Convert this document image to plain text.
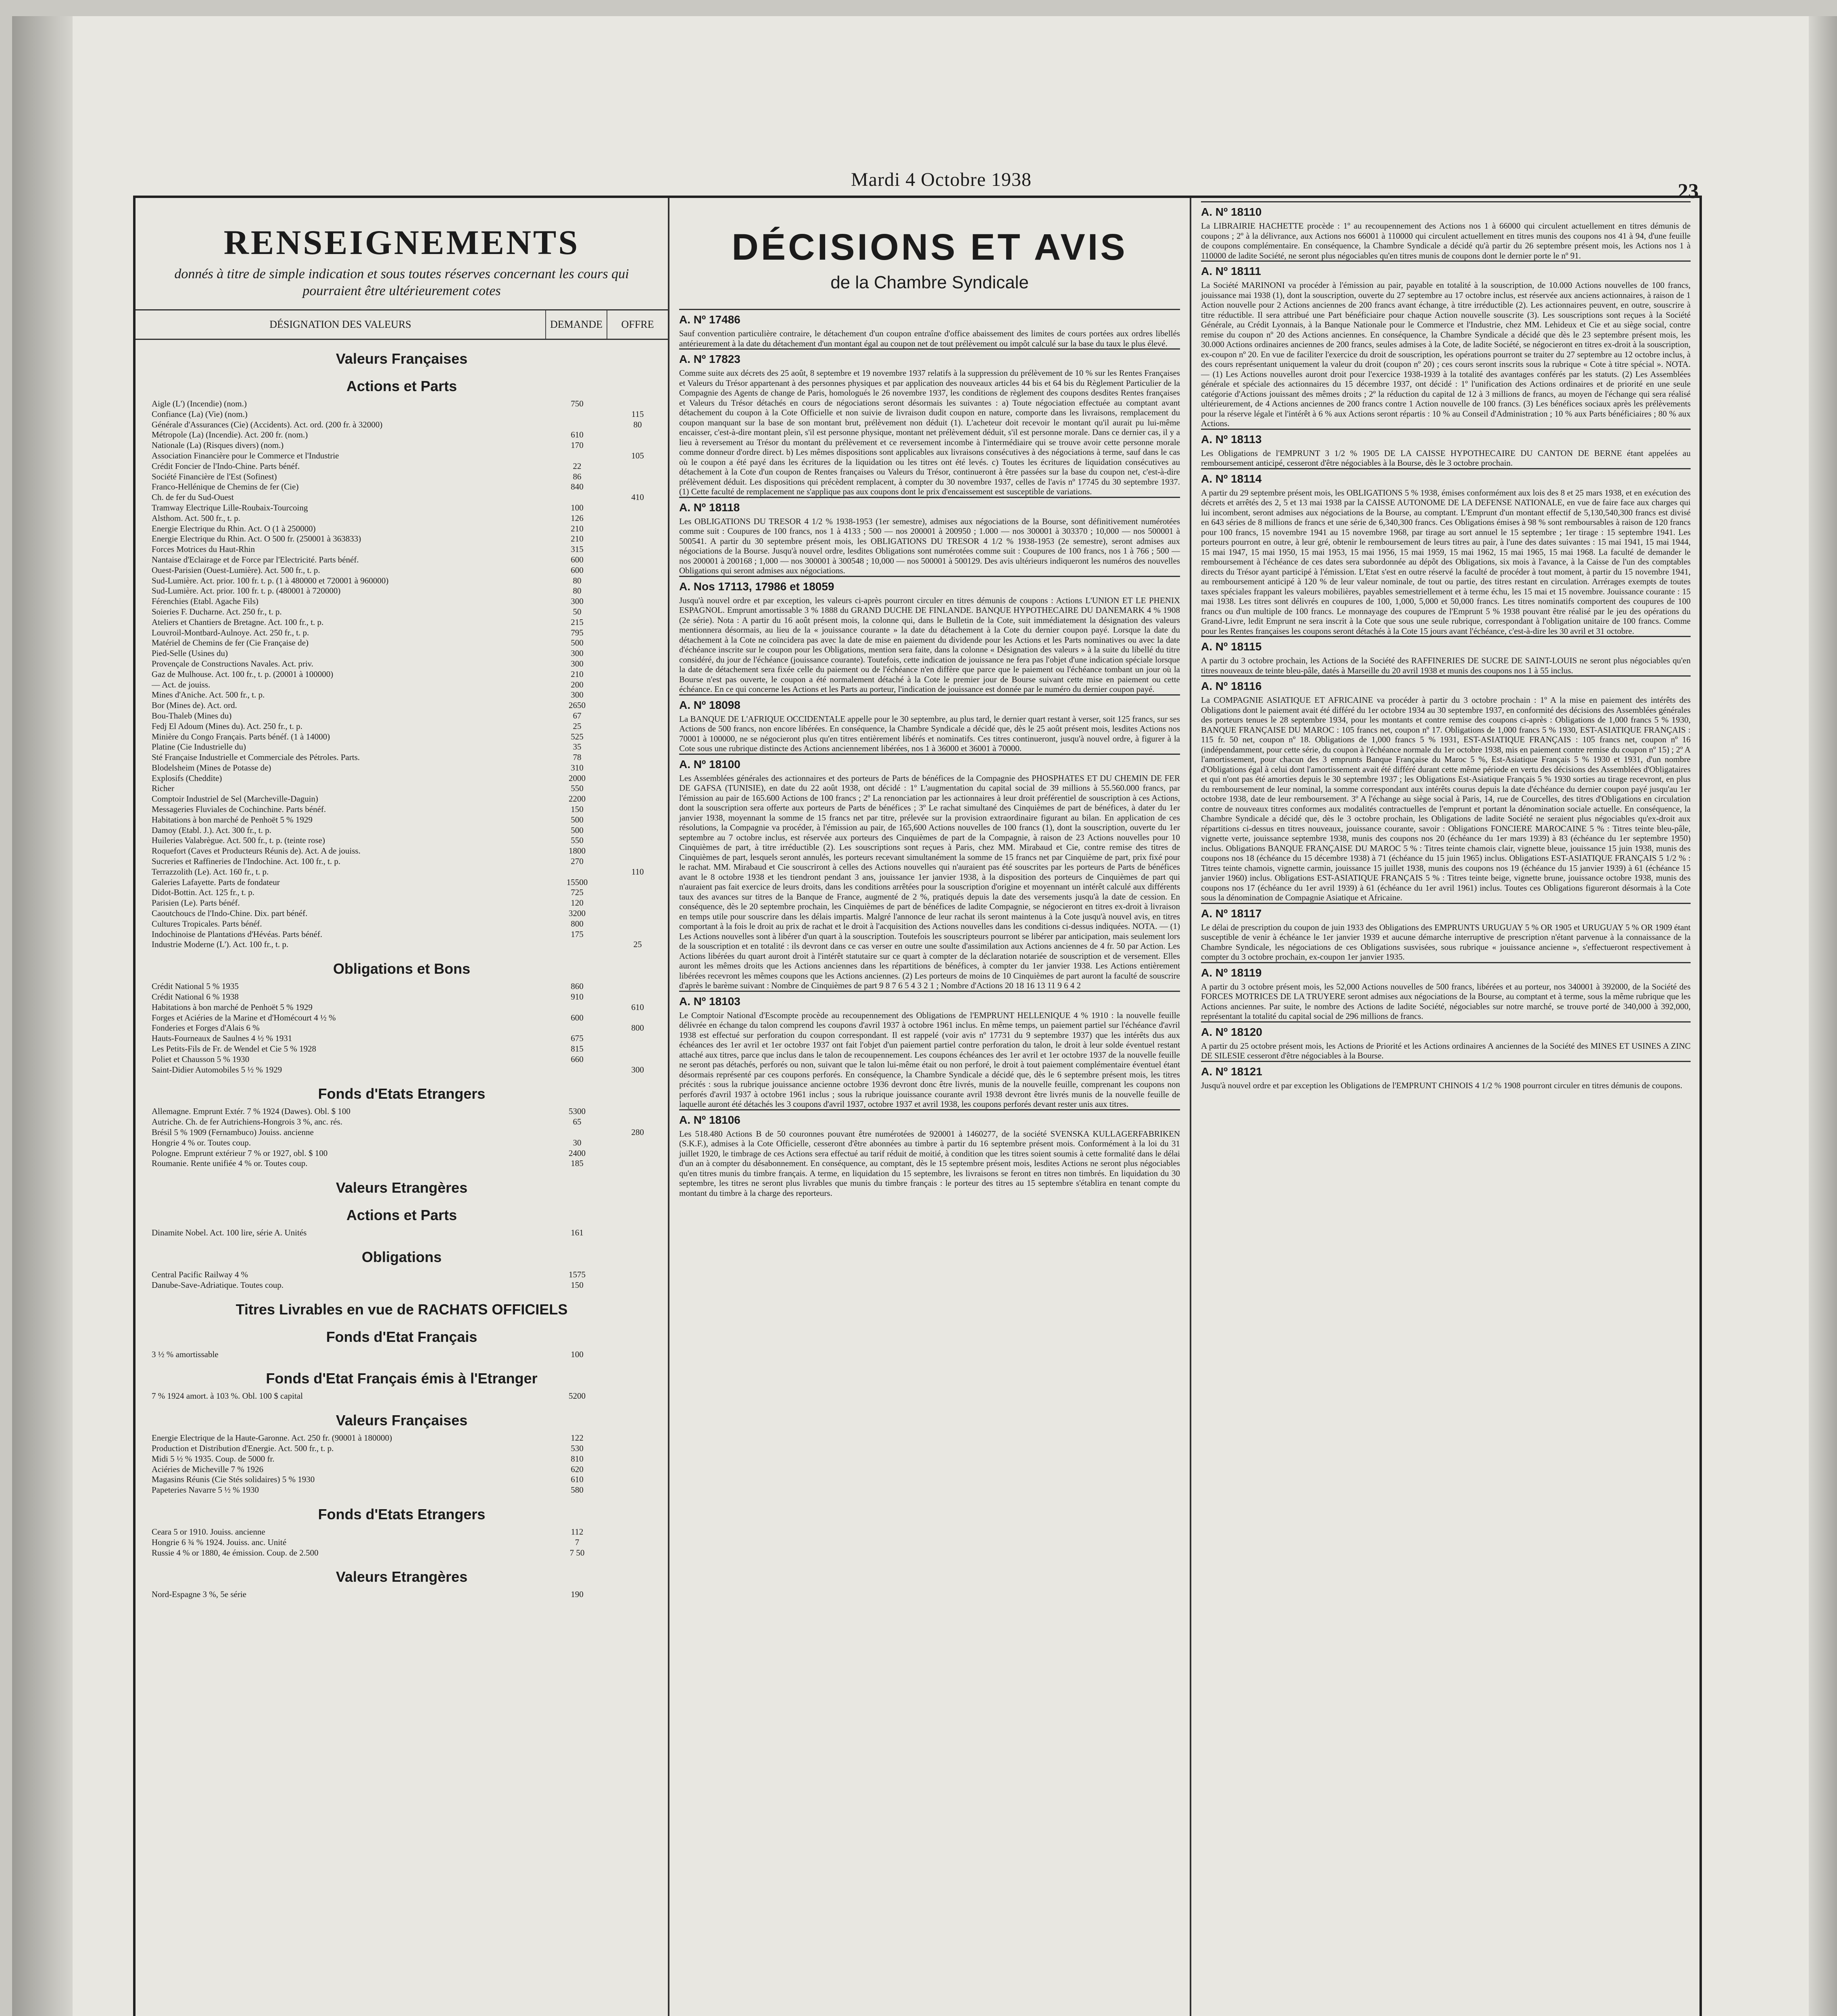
Mardi 4 Octobre 1938
23
RENSEIGNEMENTS
donnés à titre de simple indication et sous toutes réserves concernant les cours qui pourraient être ultérieurement cotes
DÉSIGNATION DES VALEURS	DEMANDE	OFFRE
Valeurs Françaises
Actions et Parts
Aigle (L') (Incendie) (nom.)	750
Confiance (La) (Vie) (nom.)	115
Générale d'Assurances (Cie) (Accidents). Act. ord. (200 fr. à 32000)	80
Métropole (La) (Incendie). Act. 200 fr. (nom.)	610
Nationale (La) (Risques divers) (nom.)	170
Association Financière pour le Commerce et l'Industrie	105
Crédit Foncier de l'Indo-Chine. Parts bénéf.	22
Société Financière de l'Est (Sofinest)	86
Franco-Hellénique de Chemins de fer (Cie)	840
Ch. de fer du Sud-Ouest	410
Tramway Electrique Lille-Roubaix-Tourcoing	100
Alsthom. Act. 500 fr., t. p.	126
Energie Electrique du Rhin. Act. O (1 à 250000)	210
Energie Electrique du Rhin. Act. O 500 fr. (250001 à 363833)	210
Forces Motrices du Haut-Rhin	315
Nantaise d'Eclairage et de Force par l'Electricité. Parts bénéf.	600
Ouest-Parisien (Ouest-Lumière). Act. 500 fr., t. p.	600
Sud-Lumière. Act. prior. 100 fr. t. p. (1 à 480000 et 720001 à 960000)	80
Sud-Lumière. Act. prior. 100 fr. t. p. (480001 à 720000)	80
Férenchies (Etabl. Agache Fils)	300
Soieries F. Ducharne. Act. 250 fr., t. p.	50
Ateliers et Chantiers de Bretagne. Act. 100 fr., t. p.	215
Louvroil-Montbard-Aulnoye. Act. 250 fr., t. p.	795
Matériel de Chemins de fer (Cie Française de)	500
Pied-Selle (Usines du)	300
Provençale de Constructions Navales. Act. priv.	300
Gaz de Mulhouse. Act. 100 fr., t. p. (20001 à 100000)	210
— Act. de jouiss.	200
Mines d'Aniche. Act. 500 fr., t. p.	300
Bor (Mines de). Act. ord.	2650
Bou-Thaleb (Mines du)	67
Fedj El Adoum (Mines du). Act. 250 fr., t. p.	25
Minière du Congo Français. Parts bénéf. (1 à 14000)	525
Platine (Cie Industrielle du)	35
Sté Française Industrielle et Commerciale des Pétroles. Parts.	78
Blodelsheim (Mines de Potasse de)	310
Explosifs (Cheddite)	2000
Richer	550
Comptoir Industriel de Sel (Marcheville-Daguin)	2200
Messageries Fluviales de Cochinchine. Parts bénéf.	150
Habitations à bon marché de Penhoët 5 % 1929	500
Damoy (Etabl. J.). Act. 300 fr., t. p.	500
Huileries Valabrègue. Act. 500 fr., t. p. (teinte rose)	550
Roquefort (Caves et Producteurs Réunis de). Act. A de jouiss.	1800
Sucreries et Raffineries de l'Indochine. Act. 100 fr., t. p.	270
Terrazzolith (Le). Act. 160 fr., t. p.	110
Galeries Lafayette. Parts de fondateur	15500
Didot-Bottin. Act. 125 fr., t. p.	725
Parisien (Le). Parts bénéf.	120
Caoutchoucs de l'Indo-Chine. Dix. part bénéf.	3200
Cultures Tropicales. Parts bénéf.	800
Indochinoise de Plantations d'Hévéas. Parts bénéf.	175
Industrie Moderne (L'). Act. 100 fr., t. p.	25
Obligations et Bons
Crédit National 5 % 1935	860
Crédit National 6 % 1938	910
Habitations à bon marché de Penhoët 5 % 1929	610
Forges et Aciéries de la Marine et d'Homécourt 4 ½ %	600
Fonderies et Forges d'Alais 6 %	800
Hauts-Fourneaux de Saulnes 4 ½ % 1931	675
Les Petits-Fils de Fr. de Wendel et Cie 5 % 1928	815
Poliet et Chausson 5 % 1930	660
Saint-Didier Automobiles 5 ½ % 1929	300
Fonds d'Etats Etrangers
Allemagne. Emprunt Extér. 7 % 1924 (Dawes). Obl. $ 100	5300
Autriche. Ch. de fer Autrichiens-Hongrois 3 %, anc. rés.	65
Brésil 5 % 1909 (Fernambuco) Jouiss. ancienne	280
Hongrie 4 % or. Toutes coup.	30
Pologne. Emprunt extérieur 7 % or 1927, obl. $ 100	2400
Roumanie. Rente unifiée 4 % or. Toutes coup.	185
Valeurs Etrangères
Actions et Parts
Dinamite Nobel. Act. 100 lire, série A. Unités	161
Obligations
Central Pacific Railway 4 %	1575
Danube-Save-Adriatique. Toutes coup.	150
Titres Livrables en vue de RACHATS OFFICIELS
Fonds d'Etat Français
3 ½ % amortissable	100
Fonds d'Etat Français émis à l'Etranger
7 % 1924 amort. à 103 %. Obl. 100 $ capital	5200
Valeurs Françaises
Energie Electrique de la Haute-Garonne. Act. 250 fr. (90001 à 180000)	122
Production et Distribution d'Energie. Act. 500 fr., t. p.	530
Midi 5 ½ % 1935. Coup. de 5000 fr.	810
Aciéries de Micheville 7 % 1926	620
Magasins Réunis (Cie Stés solidaires) 5 % 1930	610
Papeteries Navarre 5 ½ % 1930	580
Fonds d'Etats Etrangers
Ceara 5 or 1910. Jouiss. ancienne	112
Hongrie 6 ¾ % 1924. Jouiss. anc. Unité	7
Russie 4 % or 1880, 4e émission. Coup. de 2.500	7 50
Valeurs Etrangères
Nord-Espagne 3 %, 5e série	190
DÉCISIONS ET AVIS
de la Chambre Syndicale
A. Nº 17486
Sauf convention particulière contraire, le détachement d'un coupon entraîne d'office abaissement des limites de cours portées aux ordres libellés antérieurement à la date du détachement d'un montant égal au coupon net de tout prélèvement ou impôt calculé sur la base du taux le plus élevé.
A. Nº 17823
Comme suite aux décrets des 25 août, 8 septembre et 19 novembre 1937 relatifs à la suppression du prélèvement de 10 % sur les Rentes Françaises et Valeurs du Trésor appartenant à des personnes physiques et par application des nouveaux articles 44 bis et 64 bis du Règlement Particulier de la Compagnie des Agents de change de Paris, homologués le 26 novembre 1937, les conditions de règlement des coupons desdites Rentes françaises et Valeurs du Trésor détachés en cours de négociations seront désormais les suivantes : a) Toute négociation effectuée au comptant avant détachement du coupon à la Cote Officielle et non suivie de livraison dudit coupon en nature, comporte dans les livraisons, remplacement du coupon manquant sur la base de son montant brut, prélèvement non déduit (1). L'acheteur doit recevoir le montant qu'il aurait pu lui-même encaisser, c'est-à-dire montant plein, s'il est personne physique, montant net prélèvement déduit, s'il est personne morale. Dans ce dernier cas, il y a lieu à reversement au Trésor du montant du prélèvement et ce reversement incombe à l'intermédiaire qui se trouve avoir cette personne morale comme donneur d'ordre direct. b) Les mêmes dispositions sont applicables aux livraisons consécutives à des négociations à terme, sauf dans le cas où le coupon a été payé dans les écritures de la liquidation ou les titres ont été levés. c) Toutes les écritures de liquidation consécutives au détachement à la Cote d'un coupon de Rentes françaises ou Valeurs du Trésor, continueront à être passées sur la base du coupon net, c'est-à-dire prélèvement déduit. Les dispositions qui précèdent remplacent, à compter du 30 novembre 1937, celles de l'avis nº 17745 du 30 septembre 1937. (1) Cette faculté de remplacement ne s'applique pas aux coupons dont le prix d'encaissement est susceptible de variations.
A. Nº 18118
Les OBLIGATIONS DU TRESOR 4 1/2 % 1938-1953 (1er semestre), admises aux négociations de la Bourse, sont définitivement numérotées comme suit : Coupures de 100 francs, nos 1 à 4133 ; 500 — nos 200001 à 200950 ; 1.000 — nos 300001 à 303370 ; 10,000 — nos 500001 à 500541. A partir du 30 septembre présent mois, les OBLIGATIONS DU TRESOR 4 1/2 % 1938-1953 (2e semestre), seront admises aux négociations de la Bourse. Jusqu'à nouvel ordre, lesdites Obligations sont numérotées comme suit : Coupures de 100 francs, nos 1 à 766 ; 500 — nos 200001 à 200168 ; 1,000 — nos 300001 à 300548 ; 10,000 — nos 500001 à 500129. Des avis ultérieurs indiqueront les numéros des nouvelles Obligations qui seront admises aux négociations.
A. Nos 17113, 17986 et 18059
Jusqu'à nouvel ordre et par exception, les valeurs ci-après pourront circuler en titres démunis de coupons : Actions L'UNION ET LE PHENIX ESPAGNOL. Emprunt amortissable 3 % 1888 du GRAND DUCHE DE FINLANDE. BANQUE HYPOTHECAIRE DU DANEMARK 4 % 1908 (2e série). Nota : A partir du 16 août présent mois, la colonne qui, dans le Bulletin de la Cote, suit immédiatement la désignation des valeurs mentionnera désormais, au lieu de la « jouissance courante » la date du détachement à la Cote du dernier coupon payé. Lorsque la date du détachement à la Cote ne coïncidera pas avec la date de mise en paiement du dividende pour les Actions et les Parts nominatives ou avec la date d'échéance inscrite sur le coupon pour les Obligations, mention sera faite, dans la colonne « Désignation des valeurs » à la suite du libellé du titre considéré, du jour de l'échéance (jouissance courante). Toutefois, cette indication de jouissance ne fera pas l'objet d'une indication spéciale lorsque la date de détachement sera fixée celle du paiement ou de l'échéance n'en diffère que parce que le paiement ou l'échéance tombant un jour où la Bourse n'est pas ouverte, le coupon a été normalement détaché à la Cote le premier jour de Bourse suivant cette mise en paiement ou cette échéance. En ce qui concerne les Actions et les Parts au porteur, l'indication de jouissance est donnée par le numéro du dernier coupon payé.
A. Nº 18098
La BANQUE DE L'AFRIQUE OCCIDENTALE appelle pour le 30 septembre, au plus tard, le dernier quart restant à verser, soit 125 francs, sur ses Actions de 500 francs, non encore libérées. En conséquence, la Chambre Syndicale a décidé que, dès le 25 août présent mois, lesdites Actions nos 70001 à 100000, ne se négocieront plus qu'en titres entièrement libérés et nominatifs. Ces titres continueront, jusqu'à nouvel ordre, à figurer à la Cote sous une rubrique distincte des Actions anciennement libérées, nos 1 à 36000 et 36001 à 70000.
A. Nº 18100
Les Assemblées générales des actionnaires et des porteurs de Parts de bénéfices de la Compagnie des PHOSPHATES ET DU CHEMIN DE FER DE GAFSA (TUNISIE), en date du 22 août 1938, ont décidé : 1º L'augmentation du capital social de 39 millions à 55.560.000 francs, par l'émission au pair de 165.600 Actions de 100 francs ; 2º La renonciation par les actionnaires à leur droit préférentiel de souscription à ces Actions, dont la souscription sera offerte aux porteurs de Parts de bénéfices ; 3º Le rachat simultané des Cinquièmes de part de bénéfices, à dater du 1er janvier 1938, moyennant la somme de 15 francs net par titre, prélevée sur la provision extraordinaire figurant au bilan. En application de ces résolutions, la Compagnie va procéder, à l'émission au pair, de 165,600 Actions nouvelles de 100 francs (1), dont la souscription, ouverte du 1er septembre au 7 octobre inclus, est réservée aux porteurs des Cinquièmes de part de la Compagnie, à raison de 23 Actions nouvelles pour 10 Cinquièmes de part, à titre irréductible (2). Les souscriptions sont reçues à Paris, chez MM. Mirabaud et Cie, contre remise des titres de Cinquièmes de part, lesquels seront annulés, les porteurs recevant simultanément la somme de 15 francs net par Cinquième de part, prix fixé pour le rachat. MM. Mirabaud et Cie souscriront à celles des Actions nouvelles qui n'auraient pas été souscrites par les porteurs de Parts de bénéfices avant le 8 octobre 1938 et les tiendront pendant 3 ans, jouissance 1er janvier 1938, à la disposition des porteurs de Cinquièmes de part qui n'auraient pas fait exercice de leurs droits, dans les conditions arrêtées pour la souscription d'origine et moyennant un intérêt calculé aux différents taux des avances sur titres de la Banque de France, augmenté de 2 %, pratiqués depuis la date des versements jusqu'à la date de cession. En conséquence, dès le 20 septembre prochain, les Cinquièmes de part de bénéfices de ladite Compagnie, se négocieront en titres ex-droit à livraison en temps utile pour souscrire dans les délais impartis. Malgré l'annonce de leur rachat ils seront maintenus à la Cote jusqu'à nouvel avis, en titres comportant à la fois le droit au prix de rachat et le droit à l'acquisition des Actions nouvelles dans les conditions ci-dessus indiquées. NOTA. — (1) Les Actions nouvelles sont à libérer d'un quart à la souscription. Toutefois les souscripteurs pourront se libérer par anticipation, mais seulement lors de la souscription et en totalité : ils devront dans ce cas verser en outre une soulte d'assimilation aux Actions anciennes de 4 fr. 50 par Action. Les Actions libérées du quart auront droit à l'intérêt statutaire sur ce quart à compter de la déclaration notariée de souscription et de versement. Elles auront les mêmes droits que les Actions anciennes dans les répartitions de bénéfices, à compter du 1er janvier 1938. Les Actions entièrement libérées recevront les mêmes coupons que les Actions anciennes. (2) Les porteurs de moins de 10 Cinquièmes de part auront la faculté de souscrire d'après le barème suivant : Nombre de Cinquièmes de part 9 8 7 6 5 4 3 2 1 ; Nombre d'Actions 20 18 16 13 11 9 6 4 2
A. Nº 18103
Le Comptoir National d'Escompte procède au recoupennement des Obligations de l'EMPRUNT HELLENIQUE 4 % 1910 : la nouvelle feuille délivrée en échange du talon comprend les coupons d'avril 1937 à octobre 1961 inclus. En même temps, un paiement partiel sur l'échéance d'avril 1938 est effectué sur perforation du coupon correspondant. Il est rappelé (voir avis nº 17731 du 9 septembre 1937) que les intérêts dus aux échéances des 1er avril et 1er octobre 1937 ont fait l'objet d'un paiement partiel contre perforation du talon, le droit à leur solde éventuel restant attaché aux titres, parce que inclus dans le talon de recoupennement. Les coupons échéances des 1er avril et 1er octobre 1937 de la nouvelle feuille ne seront pas détachés, perforés ou non, suivant que le talon lui-même était ou non perforé, le droit à tout paiement complémentaire éventuel étant désormais représenté par ces coupons perforés. En conséquence, la Chambre Syndicale a décidé que, dès le 6 septembre présent mois, les titres précités : sous la rubrique jouissance ancienne octobre 1936 devront donc être livrés, munis de la nouvelle feuille, comprenant les coupons non perforés d'avril 1937 à octobre 1961 inclus ; sous la rubrique jouissance courante avril 1938 devront être livrés munis de la nouvelle feuille de laquelle auront été détachés les 3 coupons d'avril 1937, octobre 1937 et avril 1938, les coupons perforés devant rester unis aux titres.
A. Nº 18106
Les 518.480 Actions B de 50 couronnes pouvant être numérotées de 920001 à 1460277, de la société SVENSKA KULLAGERFABRIKEN (S.K.F.), admises à la Cote Officielle, cesseront d'être abonnées au timbre à partir du 16 septembre présent mois. Conformément à la loi du 31 juillet 1920, le timbrage de ces Actions sera effectué au tarif réduit de moitié, à condition que les titres soient soumis à cette formalité dans le délai d'un an à compter du désabonnement. En conséquence, au comptant, dès le 15 septembre présent mois, lesdites Actions ne seront plus négociables qu'en titres munis du timbre français. A terme, en liquidation du 15 septembre, les livraisons se feront en titres non timbrés. En liquidation du 30 septembre, les titres ne seront plus livrables que munis du timbre français : le porteur des titres au 15 septembre s'établira en tenant compte du montant du timbre à la charge des reporteurs.
A. Nº 18110
La LIBRAIRIE HACHETTE procède : 1º au recoupennement des Actions nos 1 à 66000 qui circulent actuellement en titres démunis de coupons ; 2º à la délivrance, aux Actions nos 66001 à 110000 qui circulent actuellement en titres munis des coupons nos 41 à 94, d'une feuille de coupons complémentaire. En conséquence, la Chambre Syndicale a décidé qu'à partir du 26 septembre présent mois, les Actions nos 1 à 110000 de ladite Société, ne seront plus négociables qu'en titres munis de coupons dont le dernier porte le nº 91.
A. Nº 18111
La Société MARINONI va procéder à l'émission au pair, payable en totalité à la souscription, de 10.000 Actions nouvelles de 100 francs, jouissance mai 1938 (1), dont la souscription, ouverte du 27 septembre au 17 octobre inclus, est réservée aux anciens actionnaires, à raison de 1 Action nouvelle pour 2 Actions anciennes de 200 francs avant échange, à titre irréductible (2). Les actionnaires peuvent, en outre, souscrire à titre réductible. Il sera attribué une Part bénéficiaire pour chaque Action nouvelle souscrite (3). Les souscriptions sont reçues à la Société Générale, au Crédit Lyonnais, à la Banque Nationale pour le Commerce et l'Industrie, chez MM. Lehideux et Cie et au siège social, contre remise du coupon nº 20 des Actions anciennes. En conséquence, la Chambre Syndicale a décidé que dès le 23 septembre présent mois, les 30.000 Actions ordinaires anciennes de 200 francs, seules admises à la Cote, de ladite Société, se négocieront en titres ex-droit à la souscription, ex-coupon nº 20. En vue de faciliter l'exercice du droit de souscription, les opérations pourront se traiter du 27 septembre au 12 octobre inclus, à des cours représentant uniquement la valeur du droit (coupon nº 20) ; ces cours seront inscrits sous la rubrique « Cote à titre spécial ». NOTA. — (1) Les Actions nouvelles auront droit pour l'exercice 1938-1939 à la totalité des avantages conférés par les statuts. (2) Les Assemblées générale et spéciale des actionnaires du 15 décembre 1937, ont décidé : 1º l'unification des Actions ordinaires et de priorité en une seule catégorie d'Actions jouissant des mêmes droits ; 2º la réduction du capital de 12 à 3 millions de francs, au moyen de l'échange qui sera réalisé ultérieurement, de 4 Actions anciennes de 200 francs contre 1 Action nouvelle de 100 francs. (3) Les bénéfices sociaux après les prélèvements pour la réserve légale et l'intérêt à 6 % aux Actions seront répartis : 10 % au Conseil d'Administration ; 10 % aux Parts bénéficiaires ; 80 % aux Actions.
A. Nº 18113
Les Obligations de l'EMPRUNT 3 1/2 % 1905 DE LA CAISSE HYPOTHECAIRE DU CANTON DE BERNE étant appelées au remboursement anticipé, cesseront d'être négociables à la Bourse, dès le 3 octobre prochain.
A. Nº 18114
A partir du 29 septembre présent mois, les OBLIGATIONS 5 % 1938, émises conformément aux lois des 8 et 25 mars 1938, et en exécution des décrets et arrêtés des 2, 5 et 13 mai 1938 par la CAISSE AUTONOME DE LA DEFENSE NATIONALE, en vue de faire face aux charges qui lui incombent, seront admises aux négociations de la Bourse, au comptant. L'Emprunt d'un montant effectif de 5,130,540,300 francs est divisé en 643 séries de 8 millions de francs et une série de 6,340,300 francs. Ces Obligations émises à 98 % sont remboursables à raison de 120 francs pour 100 francs, 15 novembre 1941 au 15 novembre 1968, par tirage au sort annuel le 15 septembre ; 1er tirage : 15 septembre 1941. Les porteurs pourront en outre, à leur gré, obtenir le remboursement de leurs titres au pair, à l'une des dates suivantes : 15 mai 1941, 15 mai 1944, 15 mai 1947, 15 mai 1950, 15 mai 1953, 15 mai 1956, 15 mai 1959, 15 mai 1962, 15 mai 1965, 15 mai 1968. La faculté de demander le remboursement à l'échéance de ces dates sera subordonnée au dépôt des Obligations, six mois à l'avance, à la Caisse de l'un des comptables directs du Trésor ayant participé à l'émission. L'Etat s'est en outre réservé la faculté de procéder à tout moment, à partir du 15 novembre 1941, au remboursement anticipé à 120 % de leur valeur nominale, de tout ou partie, des titres restant en circulation. Arrérages exempts de toutes taxes spéciales frappant les valeurs mobilières, payables semestriellement et à terme échu, les 15 mai et 15 novembre. Jouissance courante : 15 mai 1938. Les titres sont délivrés en coupures de 100, 1,000, 5,000 et 50,000 francs. Les titres nominatifs comportent des coupures de 100 francs ou d'un multiple de 100 francs. Le monnayage des coupures de l'Emprunt 5 % 1938 pouvant être réalisé par le jeu des opérations du Grand-Livre, ledit Emprunt ne sera inscrit à la Cote que sous une seule rubrique, correspondant à l'obligation unitaire de 100 francs. Comme pour les Rentes françaises les coupons seront détachés à la Cote 15 jours avant l'échéance, c'est-à-dire les 30 avril et 31 octobre.
A. Nº 18115
A partir du 3 octobre prochain, les Actions de la Société des RAFFINERIES DE SUCRE DE SAINT-LOUIS ne seront plus négociables qu'en titres nouveaux de teinte bleu-pâle, datés à Marseille du 20 avril 1938 et munis des coupons nos 1 à 55 inclus.
A. Nº 18116
La COMPAGNIE ASIATIQUE ET AFRICAINE va procéder à partir du 3 octobre prochain : 1º A la mise en paiement des intérêts des Obligations dont le paiement avait été différé du 1er octobre 1934 au 30 septembre 1937, en conformité des décisions des Assemblées générales des porteurs tenues le 28 septembre 1934, pour les montants et contre remise des coupons ci-après : Obligations de 1,000 francs 5 % 1930, BANQUE FRANÇAISE DU MAROC : 105 francs net, coupon nº 17. Obligations de 1,000 francs 5 % 1930, EST-ASIATIQUE FRANÇAIS : 115 fr. 50 net, coupon nº 18. Obligations de 1,000 francs 5 % 1931, EST-ASIATIQUE FRANÇAIS : 105 francs net, coupon nº 16 (indépendamment, pour cette série, du coupon à l'échéance normale du 1er octobre 1938, mis en paiement contre remise du coupon nº 15) ; 2º A l'amortissement, pour chacun des 3 emprunts Banque Française du Maroc 5 %, Est-Asiatique Français 5 % 1930 et 1931, d'un nombre d'Obligations égal à celui dont l'amortissement avait été différé durant cette même période en vertu des décisions des Assemblées d'Obligataires et qui n'ont pas été amorties depuis le 30 septembre 1937 ; les Obligations Est-Asiatique Français 5 % 1930 sorties au tirage recevront, en plus du remboursement de leur nominal, la somme correspondant aux intérêts courus depuis la date d'échéance du dernier coupon payé jusqu'au 1er octobre 1938, date de leur remboursement. 3º A l'échange au siège social à Paris, 14, rue de Courcelles, des titres d'Obligations en circulation contre de nouveaux titres conformes aux modalités contractuelles de l'emprunt et portant la dénomination sociale actuelle. En conséquence, la Chambre Syndicale a décidé que, dès le 3 octobre prochain, les Obligations de ladite Société ne seraient plus négociables qu'ex-droit aux répartitions ci-dessus en titres nouveaux, jouissance courante, savoir : Obligations FONCIERE MAROCAINE 5 % : Titres teinte bleu-pâle, vignette verte, jouissance septembre 1938, munis des coupons nos 20 (échéance du 1er mars 1939) à 83 (échéance du 1er septembre 1950) inclus. Obligations BANQUE FRANÇAISE DU MAROC 5 % : Titres teinte chamois clair, vignette bleue, jouissance 15 juin 1938, munis des coupons nos 18 (échéance du 15 décembre 1938) à 71 (échéance du 15 juin 1965) inclus. Obligations EST-ASIATIQUE FRANÇAIS 5 1/2 % : Titres teinte chamois, vignette carmin, jouissance 15 juillet 1938, munis des coupons nos 19 (échéance du 15 janvier 1939) à 61 (échéance 15 janvier 1960) inclus. Obligations EST-ASIATIQUE FRANÇAIS 5 % : Titres teinte beige, vignette brune, jouissance octobre 1938, munis des coupons nos 17 (échéance du 1er avril 1939) à 61 (échéance du 1er avril 1961) inclus. Toutes ces Obligations figureront désormais à la Cote sous la dénomination de Compagnie Asiatique et Africaine.
A. Nº 18117
Le délai de prescription du coupon de juin 1933 des Obligations des EMPRUNTS URUGUAY 5 % OR 1905 et URUGUAY 5 % OR 1909 étant susceptible de venir à échéance le 1er janvier 1939 et aucune démarche interruptive de prescription n'étant parvenue à la connaissance de la Chambre Syndicale, les négociations de ces Obligations susvisées, sous rubrique « jouissance ancienne », s'effectueront respectivement à compter du 3 octobre prochain, ex-coupon 1er janvier 1935.
A. Nº 18119
A partir du 3 octobre présent mois, les 52,000 Actions nouvelles de 500 francs, libérées et au porteur, nos 340001 à 392000, de la Société des FORCES MOTRICES DE LA TRUYERE seront admises aux négociations de la Bourse, au comptant et à terme, sous la même rubrique que les Actions anciennes. Par suite, le nombre des Actions de ladite Société, négociables sur notre marché, se trouve porté de 340,000 à 392,000, représentant la totalité du capital social de 296 millions de francs.
A. Nº 18120
A partir du 25 octobre présent mois, les Actions de Priorité et les Actions ordinaires A anciennes de la Société des MINES ET USINES A ZINC DE SILESIE cesseront d'être négociables à la Bourse.
A. Nº 18121
Jusqu'à nouvel ordre et par exception les Obligations de l'EMPRUNT CHINOIS 4 1/2 % 1908 pourront circuler en titres démunis de coupons.
